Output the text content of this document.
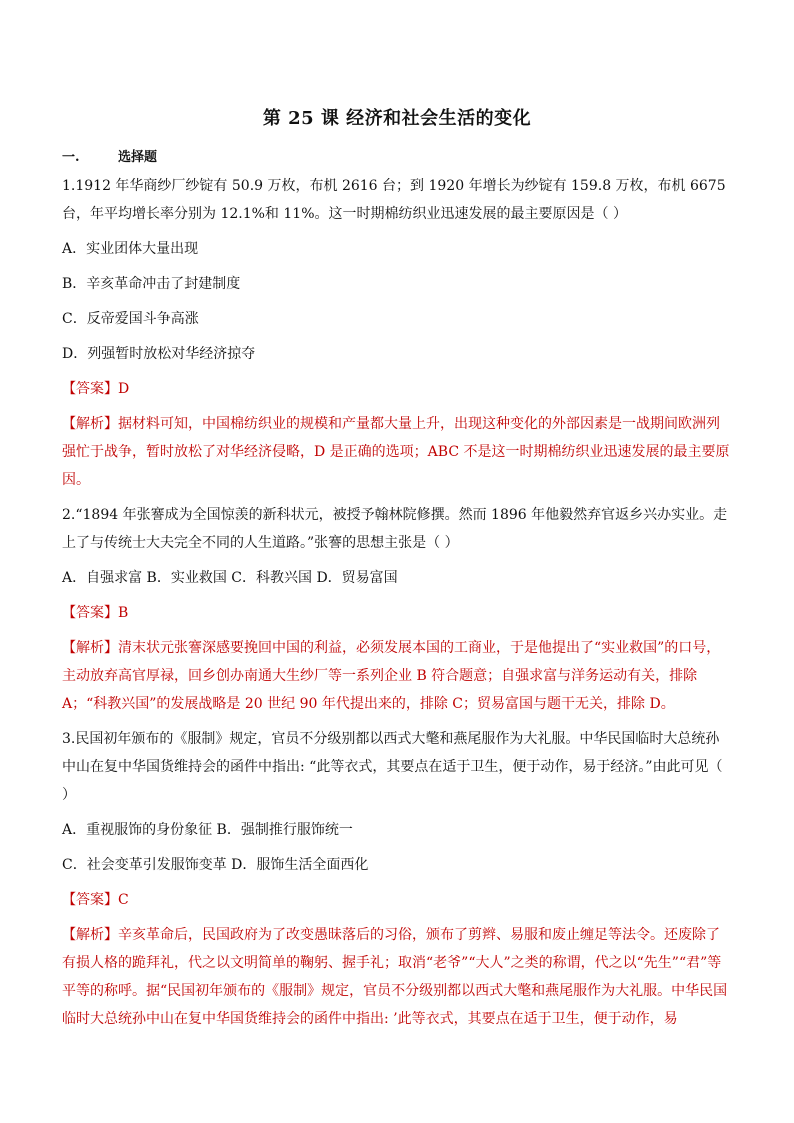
第 25 课 经济和社会生活的变化
一.	选择题

1.1912 年华商纱厂纱锭有 50.9 万枚，布机 2616 台；到 1920 年增长为纱锭有 159.8 万枚，布机 6675 台，年平均增长率分别为 12.1%和 11%。这一时期棉纺织业迅速发展的最主要原因是（ ）

A．实业团体大量出现

B．辛亥革命冲击了封建制度

C．反帝爱国斗争高涨

D．列强暂时放松对华经济掠夺

【答案】D

【解析】据材料可知，中国棉纺织业的规模和产量都大量上升，出现这种变化的外部因素是一战期间欧洲列强忙于战争，暂时放松了对华经济侵略，D 是正确的选项；ABC 不是这一时期棉纺织业迅速发展的最主要原因。

2.“1894 年张謇成为全国惊羡的新科状元，被授予翰林院修撰。然而 1896 年他毅然弃官返乡兴办实业。走上了与传统士大夫完全不同的人生道路。”张謇的思想主张是（ ）

A．自强求富 B．实业救国 C．科教兴国 D．贸易富国

【答案】B

【解析】清末状元张謇深感要挽回中国的利益，必须发展本国的工商业，于是他提出了“实业救国”的口号，主动放弃高官厚禄，回乡创办南通大生纱厂等一系列企业 B 符合题意；自强求富与洋务运动有关，排除 A；“科教兴国”的发展战略是 20 世纪 90 年代提出来的，排除 C；贸易富国与题干无关，排除 D。

3.民国初年颁布的《服制》规定，官员不分级别都以西式大氅和燕尾服作为大礼服。中华民国临时大总统孙中山在复中华国货维持会的函件中指出: “此等衣式，其要点在适于卫生，便于动作，易于经济。”由此可见（ ）

A．重视服饰的身份象征 B．强制推行服饰统一

C．社会变革引发服饰变革 D．服饰生活全面西化

【答案】C

【解析】辛亥革命后，民国政府为了改变愚昧落后的习俗，颁布了剪辫、易服和废止缠足等法令。还废除了有损人格的跪拜礼，代之以文明简单的鞠躬、握手礼；取消“老爷”“大人”之类的称谓，代之以“先生”“君”等平等的称呼。据“民国初年颁布的《服制》规定，官员不分级别都以西式大氅和燕尾服作为大礼服。中华民国临时大总统孙中山在复中华国货维持会的函件中指出: ’此等衣式，其要点在适于卫生，便于动作，易
